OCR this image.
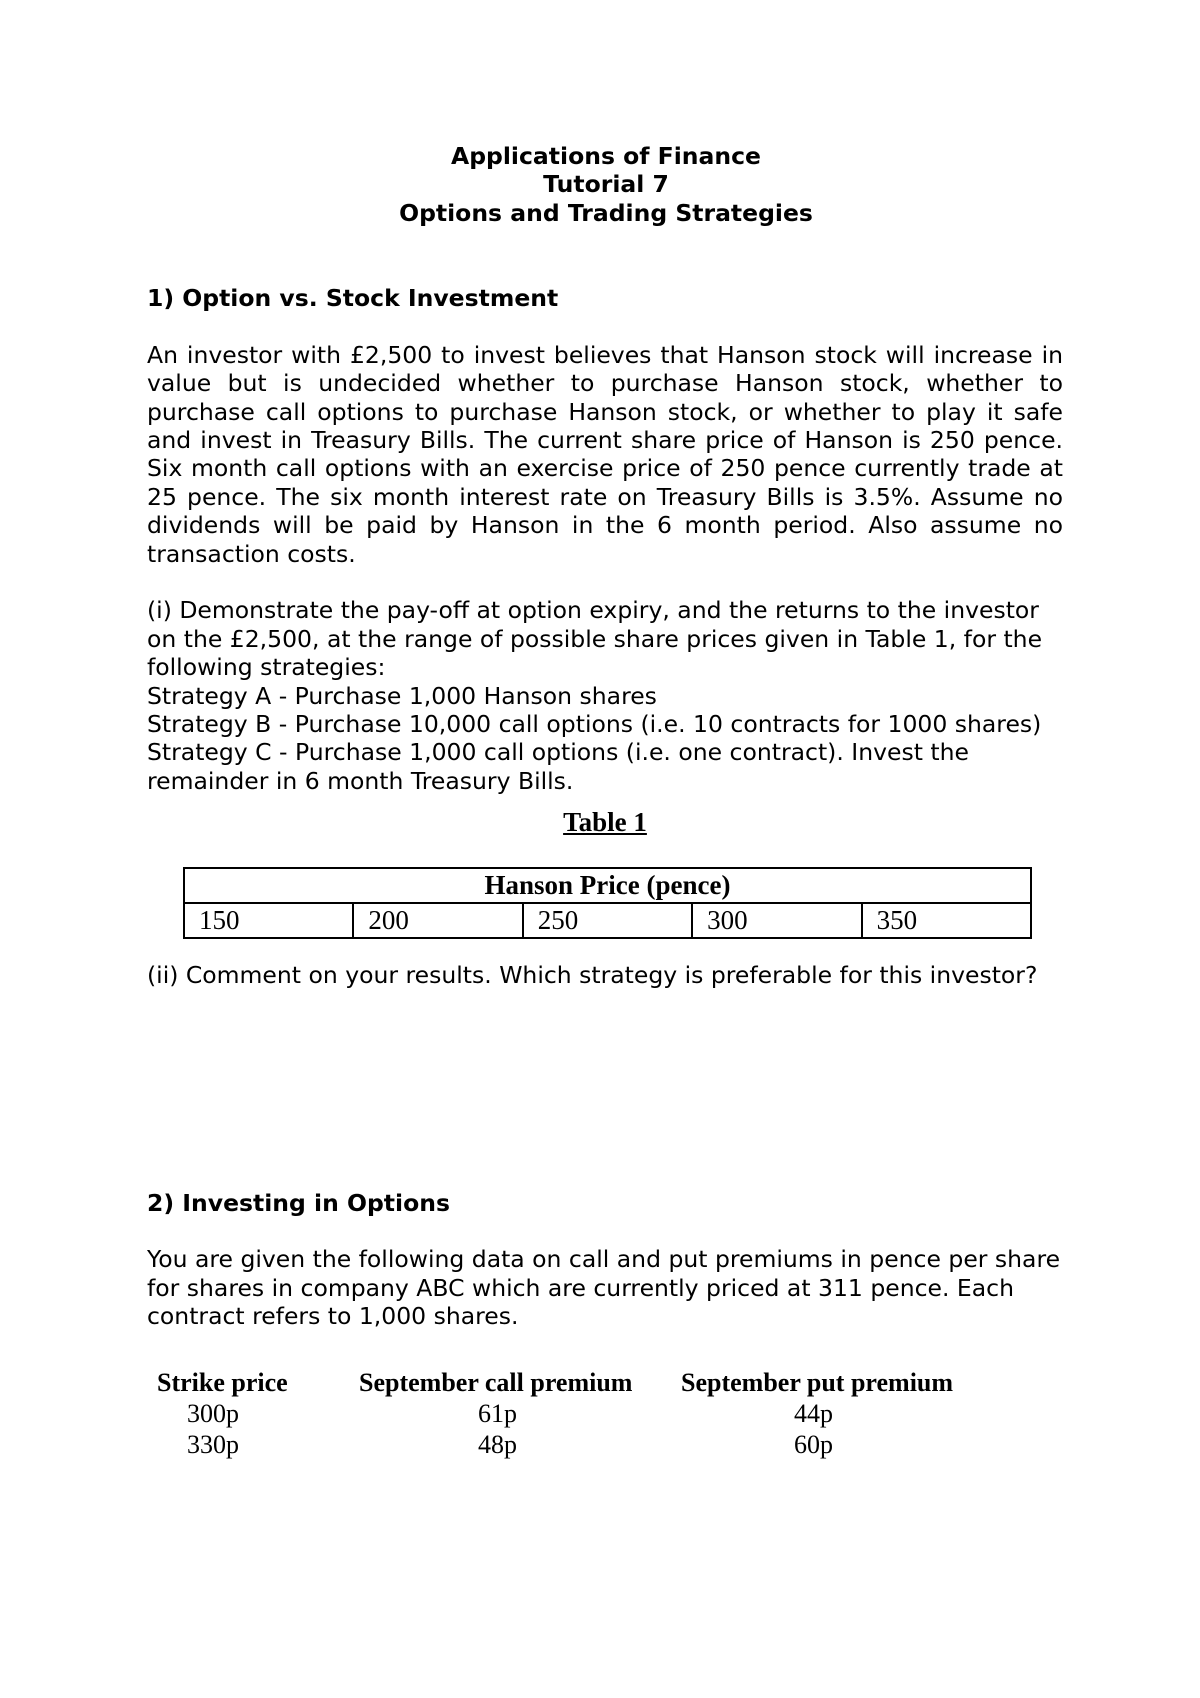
Applications of Finance
Tutorial 7
Options and Trading Strategies
1) Option vs. Stock Investment
An investor with £2,500 to invest believes that Hanson stock will increase in value but is undecided whether to purchase Hanson stock, whether to purchase call options to purchase Hanson stock, or whether to play it safe and invest in Treasury Bills. The current share price of Hanson is 250 pence. Six month call options with an exercise price of 250 pence currently trade at 25 pence. The six month interest rate on Treasury Bills is 3.5%. Assume no dividends will be paid by Hanson in the 6 month period. Also assume no transaction costs.
(i) Demonstrate the pay-off at option expiry, and the returns to the investor on the £2,500, at the range of possible share prices given in Table 1, for the following strategies:
Strategy A - Purchase 1,000 Hanson shares
Strategy B - Purchase 10,000 call options (i.e. 10 contracts for 1000 shares)
Strategy C - Purchase 1,000 call options (i.e. one contract). Invest the remainder in 6 month Treasury Bills.
Table 1
Hanson Price (pence)
150	200	250	300	350
(ii) Comment on your results. Which strategy is preferable for this investor?
2) Investing in Options
You are given the following data on call and put premiums in pence per share for shares in company ABC which are currently priced at 311 pence. Each contract refers to 1,000 shares.
Strike price	September call premium	September put premium
300p	61p	44p
330p	48p	60p
